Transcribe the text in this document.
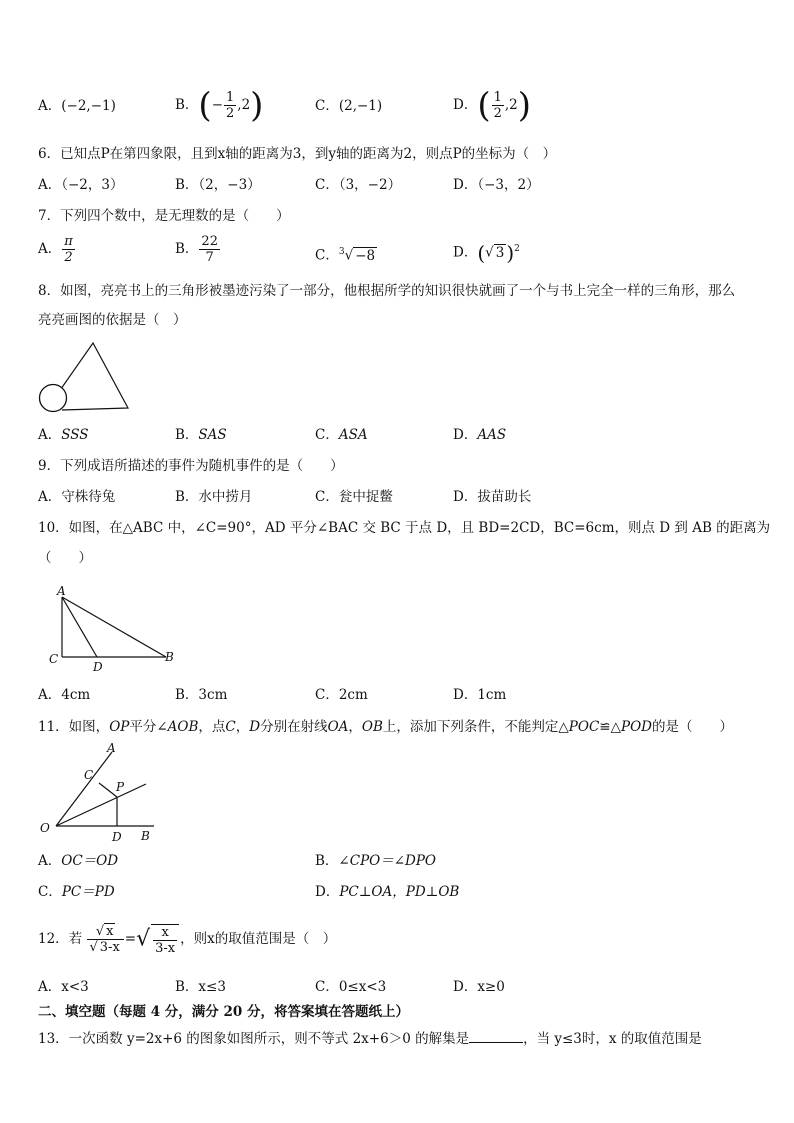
A．(−2,−1)	B．(− $\frac{1}{2} ,2$)	C．(2,−1)	D．( $\frac{1}{2} ,2$)
6．已知点P在第四象限，且到x轴的距离为3，到y轴的距离为2，则点P的坐标为（　）
A．（−2，3）	B．（2，−3）	C．（3，−2）	D．（−3，2）
7．下列四个数中，是无理数的是（　　）
A． $\frac{\pi}{2}$	B． $\frac{22}{7}$	C．$^3$√ −8	D．(√ 3 )$^2$
8．如图，亮亮书上的三角形被墨迹污染了一部分，他根据所学的知识很快就画了一个与书上完全一样的三角形，那么
亮亮画图的依据是（　）
A．SSS	B．SAS	C．ASA	D．AAS
9．下列成语所描述的事件为随机事件的是（　　）
A．守株待兔	B．水中捞月	C．瓮中捉鳖	D．拔苗助长
10．如图，在△ABC 中，∠C=90°，AD 平分∠BAC 交 BC 于点 D，且 BD=2CD，BC=6cm，则点 D 到 AB 的距离为
（　　）
A
C
D
B
A．4cm	B．3cm	C．2cm	D．1cm
11．如图，OP平分∠AOB，点C，D分别在射线OA，OB上，添加下列条件，不能判定△POC≌△POD的是（　　）
A
C
P
O
D B
A．OC＝OD	B．∠CPO＝∠DPO
C．PC＝PD	D．PC⊥OA，PD⊥OB
12．若 $\frac{√ x}{√ 3-x}$ =√ $\frac{x}{3-x}$ ，则x的取值范围是（　）
A．x<3	B．x≤3	C．0≤x<3	D．x≥0
二、填空题（每题 4 分，满分 20 分，将答案填在答题纸上）
13．一次函数 y=2x+6 的图象如图所示，则不等式 2x+6＞0 的解集是	，当 y≤3时，x 的取值范围是
